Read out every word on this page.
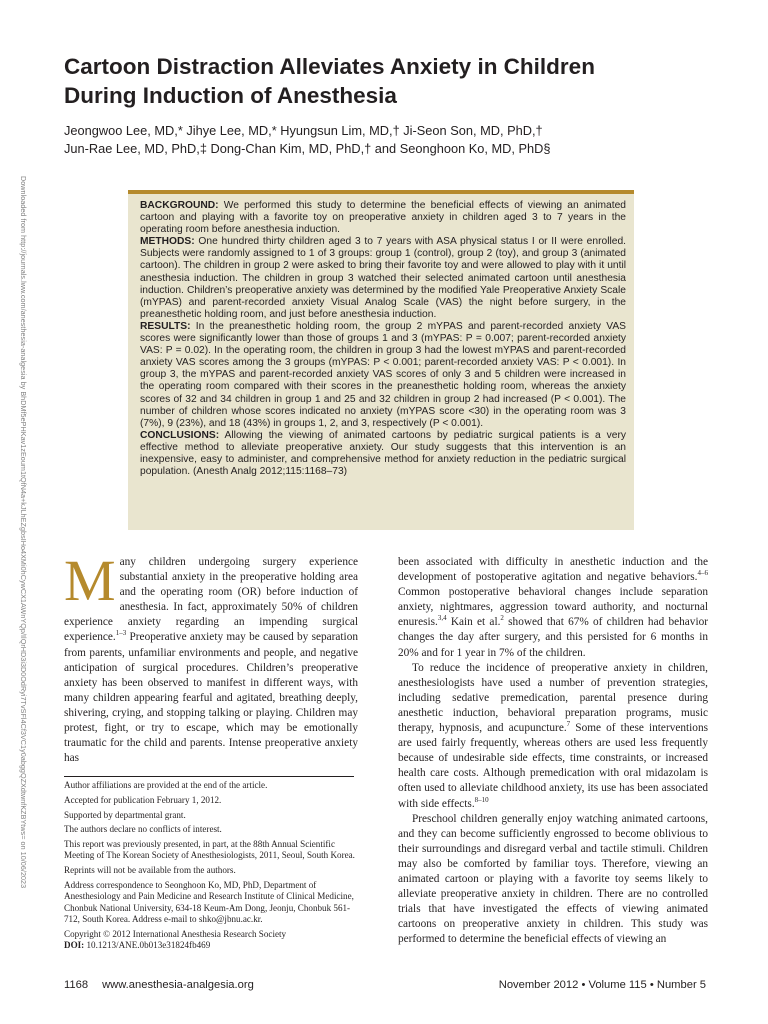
Cartoon Distraction Alleviates Anxiety in Children
During Induction of Anesthesia
Jeongwoo Lee, MD,* Jihye Lee, MD,* Hyungsun Lim, MD,† Ji-Seon Son, MD, PhD,†
Jun-Rae Lee, MD, PhD,‡ Dong-Chan Kim, MD, PhD,† and Seonghoon Ko, MD, PhD§
Downloaded from http://journals.lww.com/anesthesia-analgesia by BhDMf5ePHKav1zEoum1tQfN4a+kJLhEZgbsIHo4XMi0hCywCX1AWnYQp/IlQrHD3i3D0OdRyi7TvSFl4Cf3VC1y0abggQZXdtwnfKZBYtws= on 10/06/2023	BACKGROUND: We performed this study to determine the beneficial effects of viewing an animated cartoon and playing with a favorite toy on preoperative anxiety in children aged 3 to 7 years in the operating room before anesthesia induction.

METHODS: One hundred thirty children aged 3 to 7 years with ASA physical status I or II were enrolled. Subjects were randomly assigned to 1 of 3 groups: group 1 (control), group 2 (toy), and group 3 (animated cartoon). The children in group 2 were asked to bring their favorite toy and were allowed to play with it until anesthesia induction. The children in group 3 watched their selected animated cartoon until anesthesia induction. Children’s preoperative anxiety was determined by the modified Yale Preoperative Anxiety Scale (mYPAS) and parent-recorded anxiety Visual Analog Scale (VAS) the night before surgery, in the preanesthetic holding room, and just before anesthesia induction.

RESULTS: In the preanesthetic holding room, the group 2 mYPAS and parent-recorded anxiety VAS scores were significantly lower than those of groups 1 and 3 (mYPAS: P = 0.007; parent-recorded anxiety VAS: P = 0.02). In the operating room, the children in group 3 had the lowest mYPAS and parent-recorded anxiety VAS scores among the 3 groups (mYPAS: P < 0.001; parent-recorded anxiety VAS: P < 0.001). In group 3, the mYPAS and parent-recorded anxiety VAS scores of only 3 and 5 children were increased in the operating room compared with their scores in the preanesthetic holding room, whereas the anxiety scores of 32 and 34 children in group 1 and 25 and 32 children in group 2 had increased (P < 0.001). The number of children whose scores indicated no anxiety (mYPAS score <30) in the operating room was 3 (7%), 9 (23%), and 18 (43%) in groups 1, 2, and 3, respectively (P < 0.001).

CONCLUSIONS: Allowing the viewing of animated cartoons by pediatric surgical patients is a very effective method to alleviate preoperative anxiety. Our study suggests that this intervention is an inexpensive, easy to administer, and comprehensive method for anxiety reduction in the pediatric surgical population. (Anesth Analg 2012;115:1168–73)

Many children undergoing surgery experience substantial anxiety in the preoperative holding area and the operating room (OR) before induction of anesthesia. In fact, approximately 50% of children experience anxiety regarding an impending surgical experience.$^{1-3}$ Preoperative anxiety may be caused by separation from parents, unfamiliar environments and people, and negative anticipation of surgical procedures. Children’s preoperative anxiety has been observed to manifest in different ways, with many children appearing fearful and agitated, breathing deeply, shivering, crying, and stopping talking or playing. Children may protest, fight, or try to escape, which may be emotionally traumatic for the child and parents. Intense preoperative anxiety has

Author affiliations are provided at the end of the article.

Accepted for publication February 1, 2012.

Supported by departmental grant.

The authors declare no conflicts of interest.

This report was previously presented, in part, at the 88th Annual Scientific Meeting of The Korean Society of Anesthesiologists, 2011, Seoul, South Korea.

Reprints will not be available from the authors.

Address correspondence to Seonghoon Ko, MD, PhD, Department of Anesthesiology and Pain Medicine and Research Institute of Clinical Medicine, Chonbuk National University, 634-18 Keum-Am Dong, Jeonju, Chonbuk 561-712, South Korea. Address e-mail to shko@jbnu.ac.kr.

Copyright © 2012 International Anesthesia Research Society

DOI: 10.1213/ANE.0b013e31824fb469

been associated with difficulty in anesthetic induction and the development of postoperative agitation and negative behaviors.$^{4-6}$ Common postoperative behavioral changes include separation anxiety, nightmares, aggression toward authority, and nocturnal enuresis.$^{3,4}$ Kain et al.$^2$ showed that 67% of children had behavior changes the day after surgery, and this persisted for 6 months in 20% and for 1 year in 7% of the children.

To reduce the incidence of preoperative anxiety in children, anesthesiologists have used a number of prevention strategies, including sedative premedication, parental presence during anesthetic induction, behavioral preparation programs, music therapy, hypnosis, and acupuncture.$^7$ Some of these interventions are used fairly frequently, whereas others are used less frequently because of undesirable side effects, time constraints, or increased health care costs. Although premedication with oral midazolam is often used to alleviate childhood anxiety, its use has been associated with side effects.$^{8-10}$

Preschool children generally enjoy watching animated cartoons, and they can become sufficiently engrossed to become oblivious to their surroundings and disregard verbal and tactile stimuli. Children may also be comforted by familiar toys. Therefore, viewing an animated cartoon or playing with a favorite toy seems likely to alleviate preoperative anxiety in children. There are no controlled trials that have investigated the effects of viewing animated cartoons on preoperative anxiety in children. This study was performed to determine the beneficial effects of viewing an

1168 www.anesthesia-analgesia.org	November 2012 • Volume 115 • Number 5
